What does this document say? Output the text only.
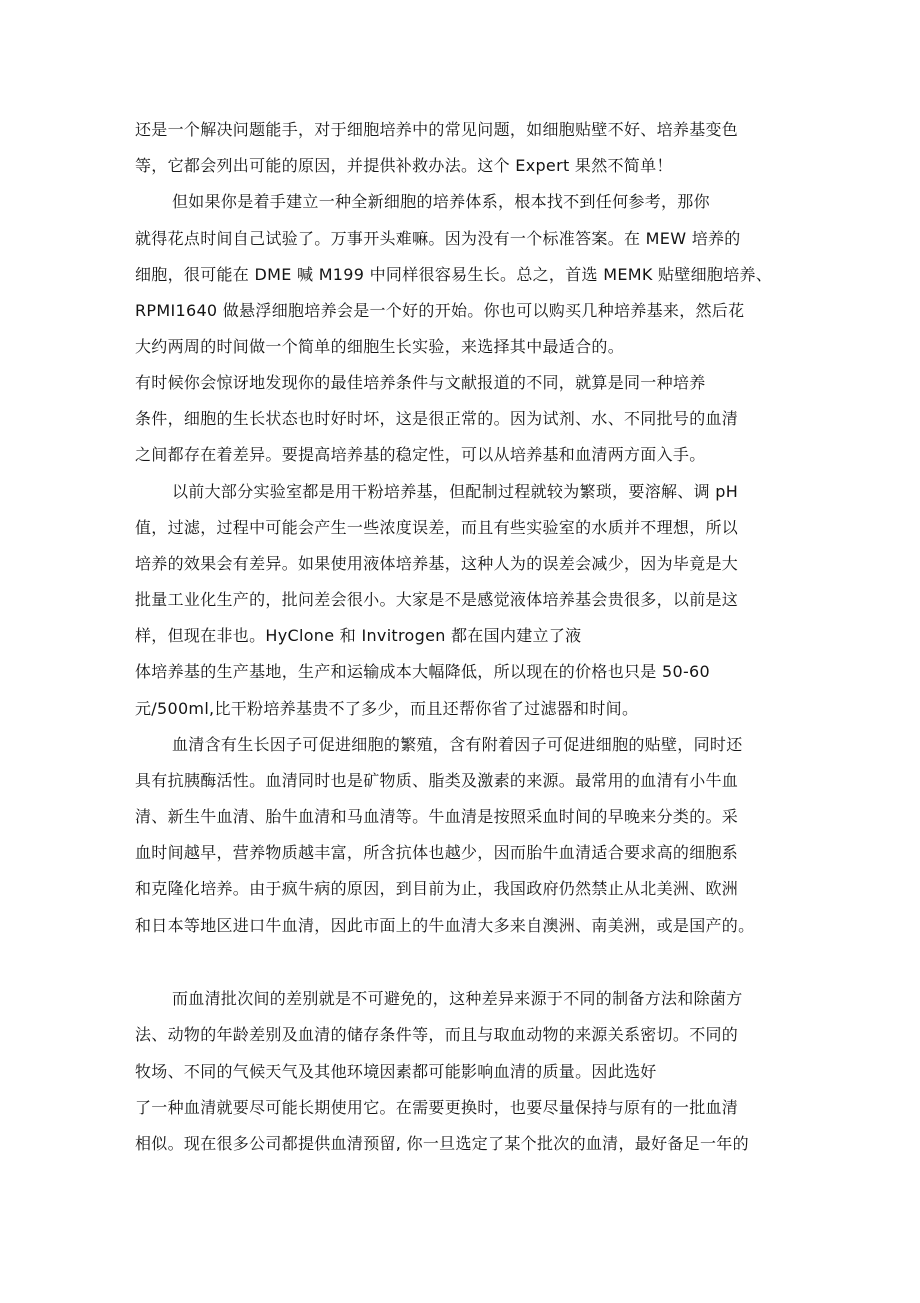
还是一个解决问题能手，对于细胞培养中的常见问题，如细胞贴壁不好、培养基变色
等，它都会列出可能的原因，并提供补救办法。这个 Expert 果然不简单！
但如果你是着手建立一种全新细胞的培养体系，根本找不到任何参考，那你
就得花点时间自己试验了。万事开头难嘛。因为没有一个标准答案。在 MEW 培养的
细胞，很可能在 DME 喊 M199 中同样很容易生长。总之，首选 MEMK 贴壁细胞培养、
RPMI1640 做悬浮细胞培养会是一个好的开始。你也可以购买几种培养基来，然后花
大约两周的时间做一个简单的细胞生长实验，来选择其中最适合的。
有时候你会惊讶地发现你的最佳培养条件与文献报道的不同，就算是同一种培养
条件，细胞的生长状态也时好时坏，这是很正常的。因为试剂、水、不同批号的血清
之间都存在着差异。要提高培养基的稳定性，可以从培养基和血清两方面入手。
以前大部分实验室都是用干粉培养基，但配制过程就较为繁琐，要溶解、调 pH
值，过滤，过程中可能会产生一些浓度误差，而且有些实验室的水质并不理想，所以
培养的效果会有差异。如果使用液体培养基，这种人为的误差会减少，因为毕竟是大
批量工业化生产的，批问差会很小。大家是不是感觉液体培养基会贵很多，以前是这
样，但现在非也。HyClone 和 Invitrogen 都在国内建立了液
体培养基的生产基地，生产和运输成本大幅降低，所以现在的价格也只是 50-60
元/500ml,比干粉培养基贵不了多少，而且还帮你省了过滤器和时间。
血清含有生长因子可促进细胞的繁殖，含有附着因子可促进细胞的贴壁，同时还
具有抗胰酶活性。血清同时也是矿物质、脂类及激素的来源。最常用的血清有小牛血
清、新生牛血清、胎牛血清和马血清等。牛血清是按照采血时间的早晚来分类的。采
血时间越早，营养物质越丰富，所含抗体也越少，因而胎牛血清适合要求高的细胞系
和克隆化培养。由于疯牛病的原因，到目前为止，我国政府仍然禁止从北美洲、欧洲
和日本等地区进口牛血清，因此市面上的牛血清大多来自澳洲、南美洲，或是国产的。
而血清批次间的差别就是不可避免的，这种差异来源于不同的制备方法和除菌方
法、动物的年龄差别及血清的储存条件等，而且与取血动物的来源关系密切。不同的
牧场、不同的气候天气及其他环境因素都可能影响血清的质量。因此选好
了一种血清就要尽可能长期使用它。在需要更换时，也要尽量保持与原有的一批血清
相似。现在很多公司都提供血清预留, 你一旦选定了某个批次的血清，最好备足一年的
